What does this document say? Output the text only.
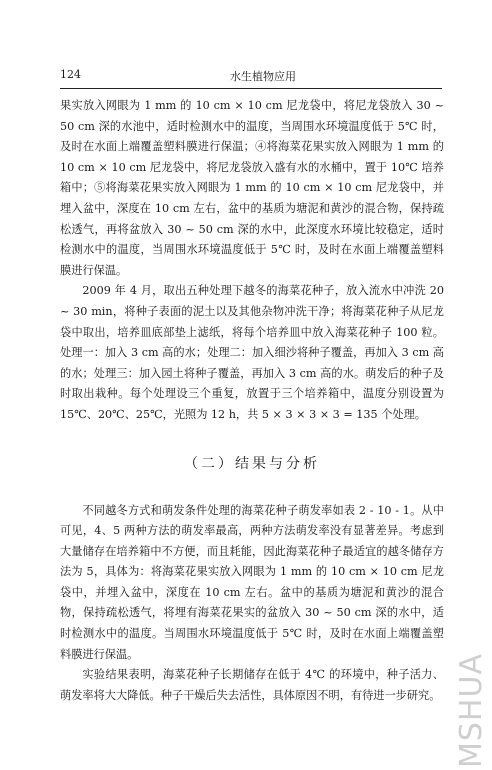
124	水生植物应用

果实放入网眼为 1 mm 的 10 cm × 10 cm 尼龙袋中，将尼龙袋放入 30 ~ 50 cm 深的水池中，适时检测水中的温度，当周围水环境温度低于 5℃ 时，及时在水面上端覆盖塑料膜进行保温；④将海菜花果实放入网眼为 1 mm 的 10 cm × 10 cm 尼龙袋中，将尼龙袋放入盛有水的水桶中，置于 10℃ 培养箱中；⑤将海菜花果实放入网眼为 1 mm 的 10 cm × 10 cm 尼龙袋中，并埋入盆中，深度在 10 cm 左右，盆中的基质为塘泥和黄沙的混合物，保持疏松透气，再将盆放入 30 ~ 50 cm 深的水中，此深度水环境比较稳定，适时检测水中的温度，当周围水环境温度低于 5℃ 时，及时在水面上端覆盖塑料膜进行保温。

2009 年 4 月，取出五种处理下越冬的海菜花种子，放入流水中冲洗 20 ~ 30 min，将种子表面的泥土以及其他杂物冲洗干净；将海菜花种子从尼龙袋中取出，培养皿底部垫上滤纸，将每个培养皿中放入海菜花种子 100 粒。处理一：加入 3 cm 高的水；处理二：加入细沙将种子覆盖，再加入 3 cm 高的水；处理三：加入园土将种子覆盖，再加入 3 cm 高的水。萌发后的种子及时取出栽种。每个处理设三个重复，放置于三个培养箱中，温度分别设置为 15℃、20℃、25℃，光照为 12 h，共 5 × 3 × 3 × 3 = 135 个处理。

（二）结果与分析

不同越冬方式和萌发条件处理的海菜花种子萌发率如表 2 - 10 - 1。从中可见，4、5 两种方法的萌发率最高，两种方法萌发率没有显著差异。考虑到大量储存在培养箱中不方便，而且耗能，因此海菜花种子最适宜的越冬储存方法为 5，具体为：将海菜花果实放入网眼为 1 mm 的 10 cm × 10 cm 尼龙袋中，并埋入盆中，深度在 10 cm 左右。盆中的基质为塘泥和黄沙的混合物，保持疏松透气，将埋有海菜花果实的盆放入 30 ~ 50 cm 深的水中，适时检测水中的温度。当周围水环境温度低于 5℃ 时，及时在水面上端覆盖塑料膜进行保温。

实验结果表明，海菜花种子长期储存在低于 4℃ 的环境中，种子活力、萌发率将大大降低。种子干燥后失去活性，具体原因不明，有待进一步研究。 MSHUA
